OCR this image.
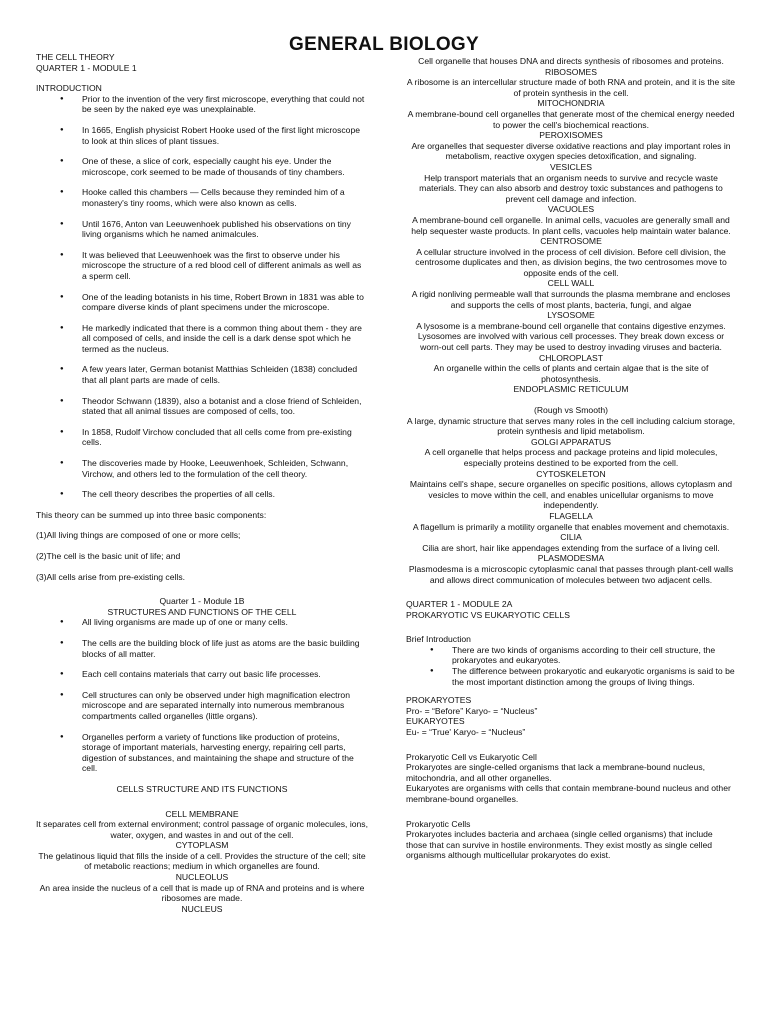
GENERAL BIOLOGY

THE CELL THEORY

QUARTER 1 - MODULE 1

INTRODUCTION

● Prior to the invention of the very first microscope, everything that could not be seen by the naked eye was unexplainable.
● In 1665, English physicist Robert Hooke used of the first light microscope to look at thin slices of plant tissues.
● One of these, a slice of cork, especially caught his eye. Under the microscope, cork seemed to be made of thousands of tiny chambers.
● Hooke called this chambers — Cells because they reminded him of a monastery's tiny rooms, which were also known as cells.
● Until 1676, Anton van Leeuwenhoek published his observations on tiny living organisms which he named animalcules.
● It was believed that Leeuwenhoek was the first to observe under his microscope the structure of a red blood cell of different animals as well as a sperm cell.
● One of the leading botanists in his time, Robert Brown in 1831 was able to compare diverse kinds of plant specimens under the microscope.
● He markedly indicated that there is a common thing about them - they are all composed of cells, and inside the cell is a dark dense spot which he termed as the nucleus.
● A few years later, German botanist Matthias Schleiden (1838) concluded that all plant parts are made of cells.
● Theodor Schwann (1839), also a botanist and a close friend of Schleiden, stated that all animal tissues are composed of cells, too.
● In 1858, Rudolf Virchow concluded that all cells come from pre-existing cells.
● The discoveries made by Hooke, Leeuwenhoek, Schleiden, Schwann, Virchow, and others led to the formulation of the cell theory.
● The cell theory describes the properties of all cells.

This theory can be summed up into three basic components:

(1)All living things are composed of one or more cells;

(2)The cell is the basic unit of life; and

(3)All cells arise from pre-existing cells.

Quarter 1 - Module 1B

STRUCTURES AND FUNCTIONS OF THE CELL

● All living organisms are made up of one or many cells.
● The cells are the building block of life just as atoms are the basic building blocks of all matter.
● Each cell contains materials that carry out basic life processes.
● Cell structures can only be observed under high magnification electron microscope and are separated internally into numerous membranous compartments called organelles (little organs).
● Organelles perform a variety of functions like production of proteins, storage of important materials, harvesting energy, repairing cell parts, digestion of substances, and maintaining the shape and structure of the cell.

CELLS STRUCTURE AND ITS FUNCTIONS

CELL MEMBRANE

It separates cell from external environment; control passage of organic molecules, ions, water, oxygen, and wastes in and out of the cell.

CYTOPLASM

The gelatinous liquid that fills the inside of a cell. Provides the structure of the cell; site of metabolic reactions; medium in which organelles are found.

NUCLEOLUS

An area inside the nucleus of a cell that is made up of RNA and proteins and is where ribosomes are made.

NUCLEUS

Cell organelle that houses DNA and directs synthesis of ribosomes and proteins.

RIBOSOMES

A ribosome is an intercellular structure made of both RNA and protein, and it is the site of protein synthesis in the cell.

MITOCHONDRIA

A membrane-bound cell organelles that generate most of the chemical energy needed to power the cell's biochemical reactions.

PEROXISOMES

Are organelles that sequester diverse oxidative reactions and play important roles in metabolism, reactive oxygen species detoxification, and signaling.

VESICLES

Help transport materials that an organism needs to survive and recycle waste materials. They can also absorb and destroy toxic substances and pathogens to prevent cell damage and infection.

VACUOLES

A membrane-bound cell organelle. In animal cells, vacuoles are generally small and help sequester waste products. In plant cells, vacuoles help maintain water balance.

CENTROSOME

A cellular structure involved in the process of cell division. Before cell division, the centrosome duplicates and then, as division begins, the two centrosomes move to opposite ends of the cell.

CELL WALL

A rigid nonliving permeable wall that surrounds the plasma membrane and encloses and supports the cells of most plants, bacteria, fungi, and algae

LYSOSOME

A lysosome is a membrane-bound cell organelle that contains digestive enzymes. Lysosomes are involved with various cell processes. They break down excess or worn-out cell parts. They may be used to destroy invading viruses and bacteria.

CHLOROPLAST

An organelle within the cells of plants and certain algae that is the site of photosynthesis.

ENDOPLASMIC RETICULUM

(Rough vs Smooth)

A large, dynamic structure that serves many roles in the cell including calcium storage, protein synthesis and lipid metabolism.

GOLGI APPARATUS

A cell organelle that helps process and package proteins and lipid molecules, especially proteins destined to be exported from the cell.

CYTOSKELETON

Maintains cell's shape, secure organelles on specific positions, allows cytoplasm and vesicles to move within the cell, and enables unicellular organisms to move independently.

FLAGELLA

A flagellum is primarily a motility organelle that enables movement and chemotaxis.

CILIA

Cilia are short, hair like appendages extending from the surface of a living cell.

PLASMODESMA

Plasmodesma is a microscopic cytoplasmic canal that passes through plant-cell walls and allows direct communication of molecules between two adjacent cells.

QUARTER 1 - MODULE 2A

PROKARYOTIC VS EUKARYOTIC CELLS

Brief Introduction

● There are two kinds of organisms according to their cell structure, the prokaryotes and eukaryotes.
● The difference between prokaryotic and eukaryotic organisms is said to be the most important distinction among the groups of living things.

PROKARYOTES

Pro- = “Before” Karyo- = “Nucleus”

EUKARYOTES

Eu- = “True' Karyo- = “Nucleus”

Prokaryotic Cell vs Eukaryotic Cell

Prokaryotes are single-celled organisms that lack a membrane-bound nucleus, mitochondria, and all other organelles.

Eukaryotes are organisms with cells that contain membrane-bound nucleus and other membrane-bound organelles.

Prokaryotic Cells

Prokaryotes includes bacteria and archaea (single celled organisms) that include those that can survive in hostile environments. They exist mostly as single celled organisms although multicellular prokaryotes do exist.
